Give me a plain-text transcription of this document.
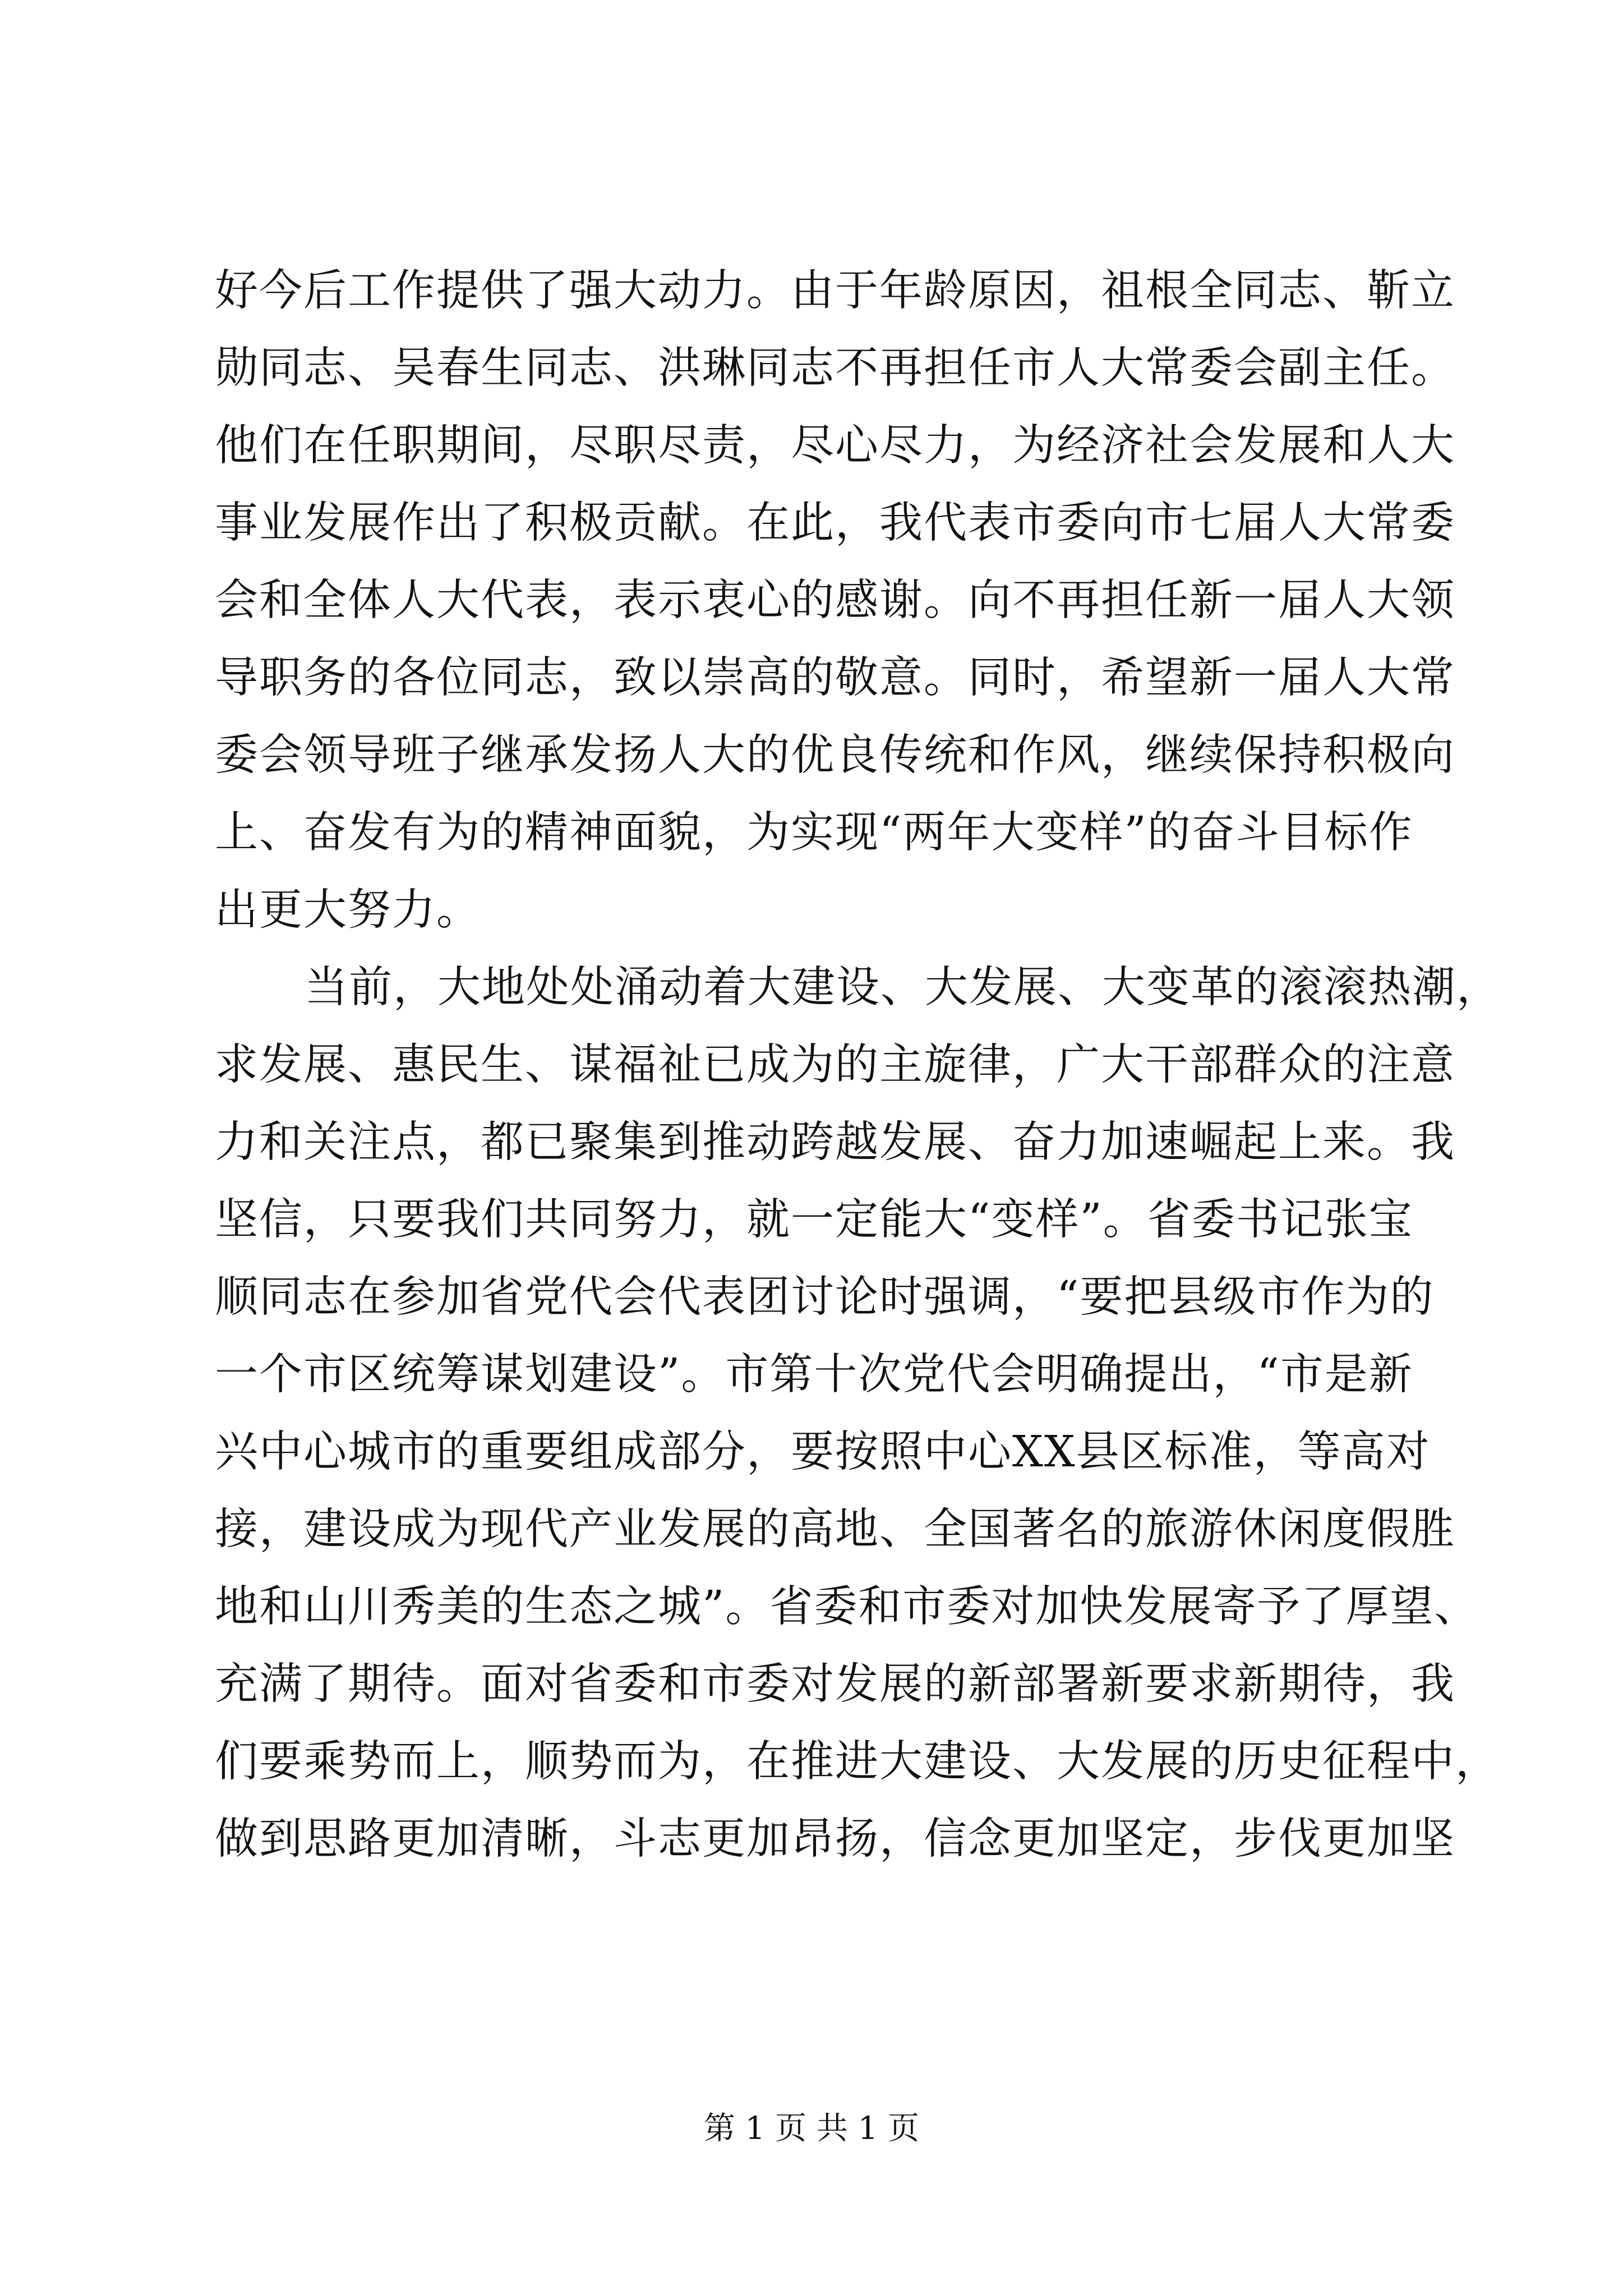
好今后工作提供了强大动力。由于年龄原因，祖根全同志、靳立
勋同志、吴春生同志、洪琳同志不再担任市人大常委会副主任。
他们在任职期间，尽职尽责，尽心尽力，为经济社会发展和人大
事业发展作出了积极贡献。在此，我代表市委向市七届人大常委
会和全体人大代表，表示衷心的感谢。向不再担任新一届人大领
导职务的各位同志，致以崇高的敬意。同时，希望新一届人大常
委会领导班子继承发扬人大的优良传统和作风，继续保持积极向
上、奋发有为的精神面貌，为实现“两年大变样”的奋斗目标作
出更大努力。
当前，大地处处涌动着大建设、大发展、大变革的滚滚热潮，
求发展、惠民生、谋福祉已成为的主旋律，广大干部群众的注意
力和关注点，都已聚集到推动跨越发展、奋力加速崛起上来。我
坚信，只要我们共同努力，就一定能大“变样”。省委书记张宝
顺同志在参加省党代会代表团讨论时强调，“要把县级市作为的
一个市区统筹谋划建设”。市第十次党代会明确提出，“市是新
兴中心城市的重要组成部分，要按照中心XX县区标准，等高对
接，建设成为现代产业发展的高地、全国著名的旅游休闲度假胜
地和山川秀美的生态之城”。省委和市委对加快发展寄予了厚望、
充满了期待。面对省委和市委对发展的新部署新要求新期待，我
们要乘势而上，顺势而为，在推进大建设、大发展的历史征程中，
做到思路更加清晰，斗志更加昂扬，信念更加坚定，步伐更加坚
第 1 页 共 1 页
